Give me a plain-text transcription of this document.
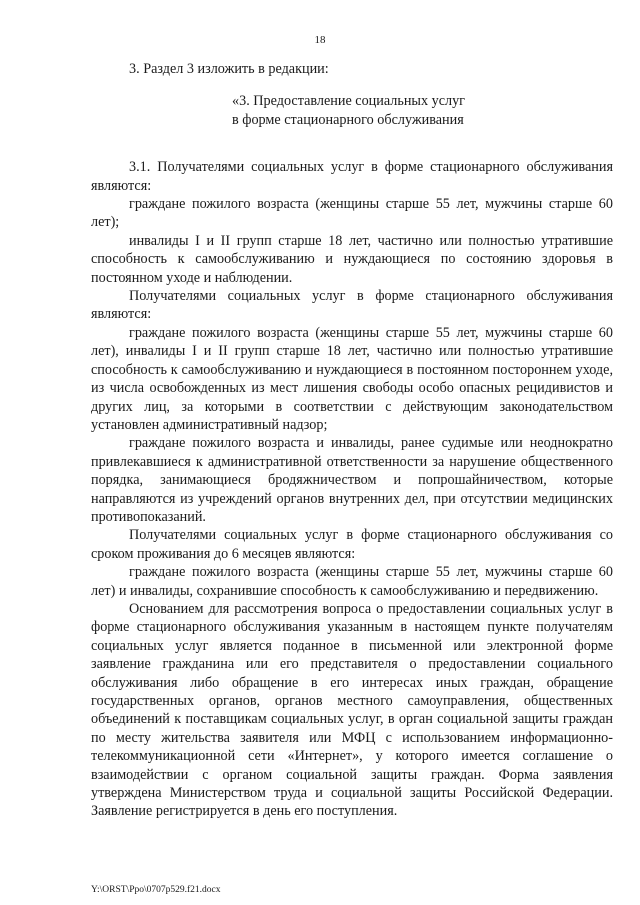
18

3. Раздел 3 изложить в редакции:

«3. Предоставление социальных услуг
в форме стационарного обслуживания

3.1. Получателями социальных услуг в форме стационарного обслуживания являются:

граждане пожилого возраста (женщины старше 55 лет, мужчины старше 60 лет);

инвалиды I и II групп старше 18 лет, частично или полностью утратившие способность к самообслуживанию и нуждающиеся по состоянию здоровья в постоянном уходе и наблюдении.

Получателями социальных услуг в форме стационарного обслуживания являются:

граждане пожилого возраста (женщины старше 55 лет, мужчины старше 60 лет), инвалиды I и II групп старше 18 лет, частично или полностью утратившие способность к самообслуживанию и нуждающиеся в постоянном постороннем уходе, из числа освобожденных из мест лишения свободы особо опасных рецидивистов и других лиц, за которыми в соответствии с действующим законодательством установлен административный надзор;

граждане пожилого возраста и инвалиды, ранее судимые или неоднократно привлекавшиеся к административной ответственности за нарушение общественного порядка, занимающиеся бродяжничеством и попрошайничеством, которые направляются из учреждений органов внутренних дел, при отсутствии медицинских противопоказаний.

Получателями социальных услуг в форме стационарного обслуживания со сроком проживания до 6 месяцев являются:

граждане пожилого возраста (женщины старше 55 лет, мужчины старше 60 лет) и инвалиды, сохранившие способность к самообслуживанию и передвижению.

Основанием для рассмотрения вопроса о предоставлении социальных услуг в форме стационарного обслуживания указанным в настоящем пункте получателям социальных услуг является поданное в письменной или электронной форме заявление гражданина или его представителя о предоставлении социального обслуживания либо обращение в его интересах иных граждан, обращение государственных органов, органов местного самоуправления, общественных объединений к поставщикам социальных услуг, в орган социальной защиты граждан по месту жительства заявителя или МФЦ с использованием информационно-телекоммуникационной сети «Интернет», у которого имеется соглашение о взаимодействии с органом социальной защиты граждан. Форма заявления утверждена Министерством труда и социальной защиты Российской Федерации. Заявление регистрируется в день его поступления.

Y:\ORST\Ppo\0707p529.f21.docx
